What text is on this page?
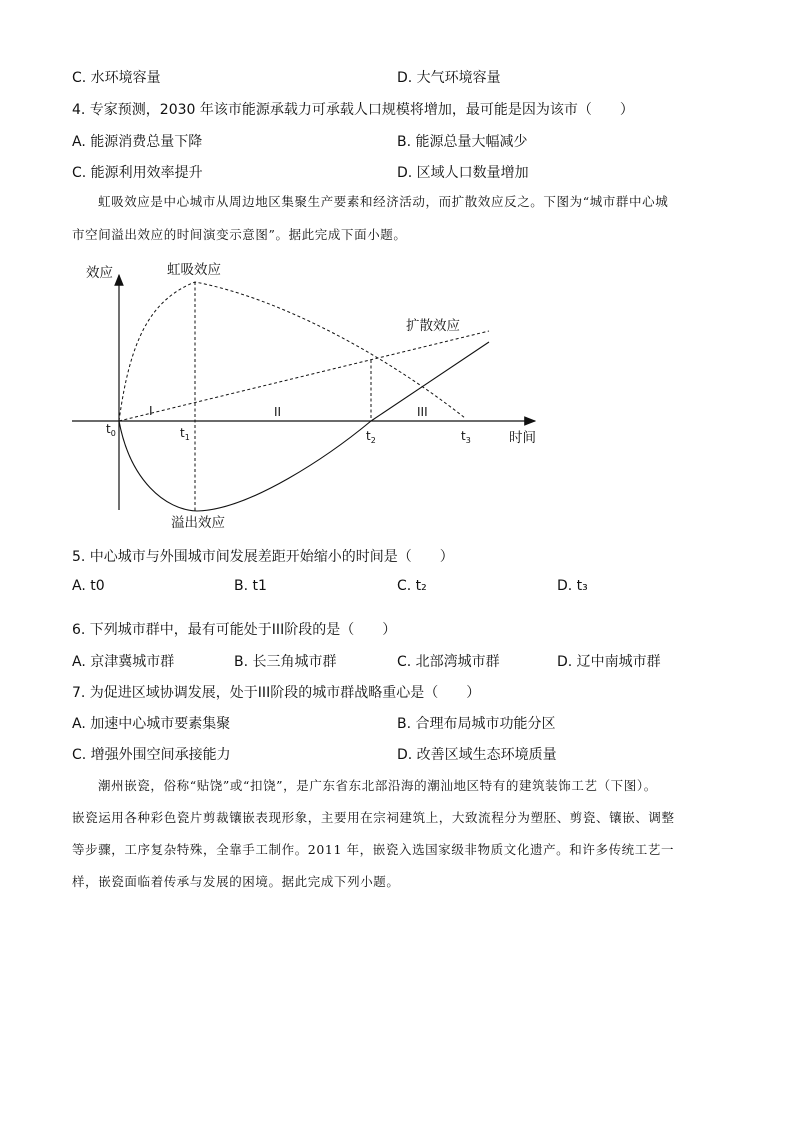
C. 水环境容量	D. 大气环境容量
4. 专家预测，2030 年该市能源承载力可承载人口规模将增加，最可能是因为该市（　　）
A. 能源消费总量下降	B. 能源总量大幅减少
C. 能源利用效率提升	D. 区域人口数量增加
虹吸效应是中心城市从周边地区集聚生产要素和经济活动，而扩散效应反之。下图为“城市群中心城
市空间溢出效应的时间演变示意图”。据此完成下面小题。
效应
时间
虹吸效应
扩散效应
溢出效应
$t_0$	$t_1$	$t_2$	$t_3$
I	II	III
5. 中心城市与外围城市间发展差距开始缩小的时间是（　　）
A. t0	B. t1	C. t₂	D. t₃
6. 下列城市群中，最有可能处于III阶段的是（　　）
A. 京津冀城市群	B. 长三角城市群	C. 北部湾城市群	D. 辽中南城市群
7. 为促进区域协调发展，处于III阶段的城市群战略重心是（　　）
A. 加速中心城市要素集聚	B. 合理布局城市功能分区
C. 增强外围空间承接能力	D. 改善区域生态环境质量
潮州嵌瓷，俗称“贴饶”或“扣饶”，是广东省东北部沿海的潮汕地区特有的建筑装饰工艺（下图）。
嵌瓷运用各种彩色瓷片剪裁镶嵌表现形象，主要用在宗祠建筑上，大致流程分为塑胚、剪瓷、镶嵌、调整
等步骤，工序复杂特殊，全靠手工制作。2011 年，嵌瓷入选国家级非物质文化遗产。和许多传统工艺一
样，嵌瓷面临着传承与发展的困境。据此完成下列小题。
